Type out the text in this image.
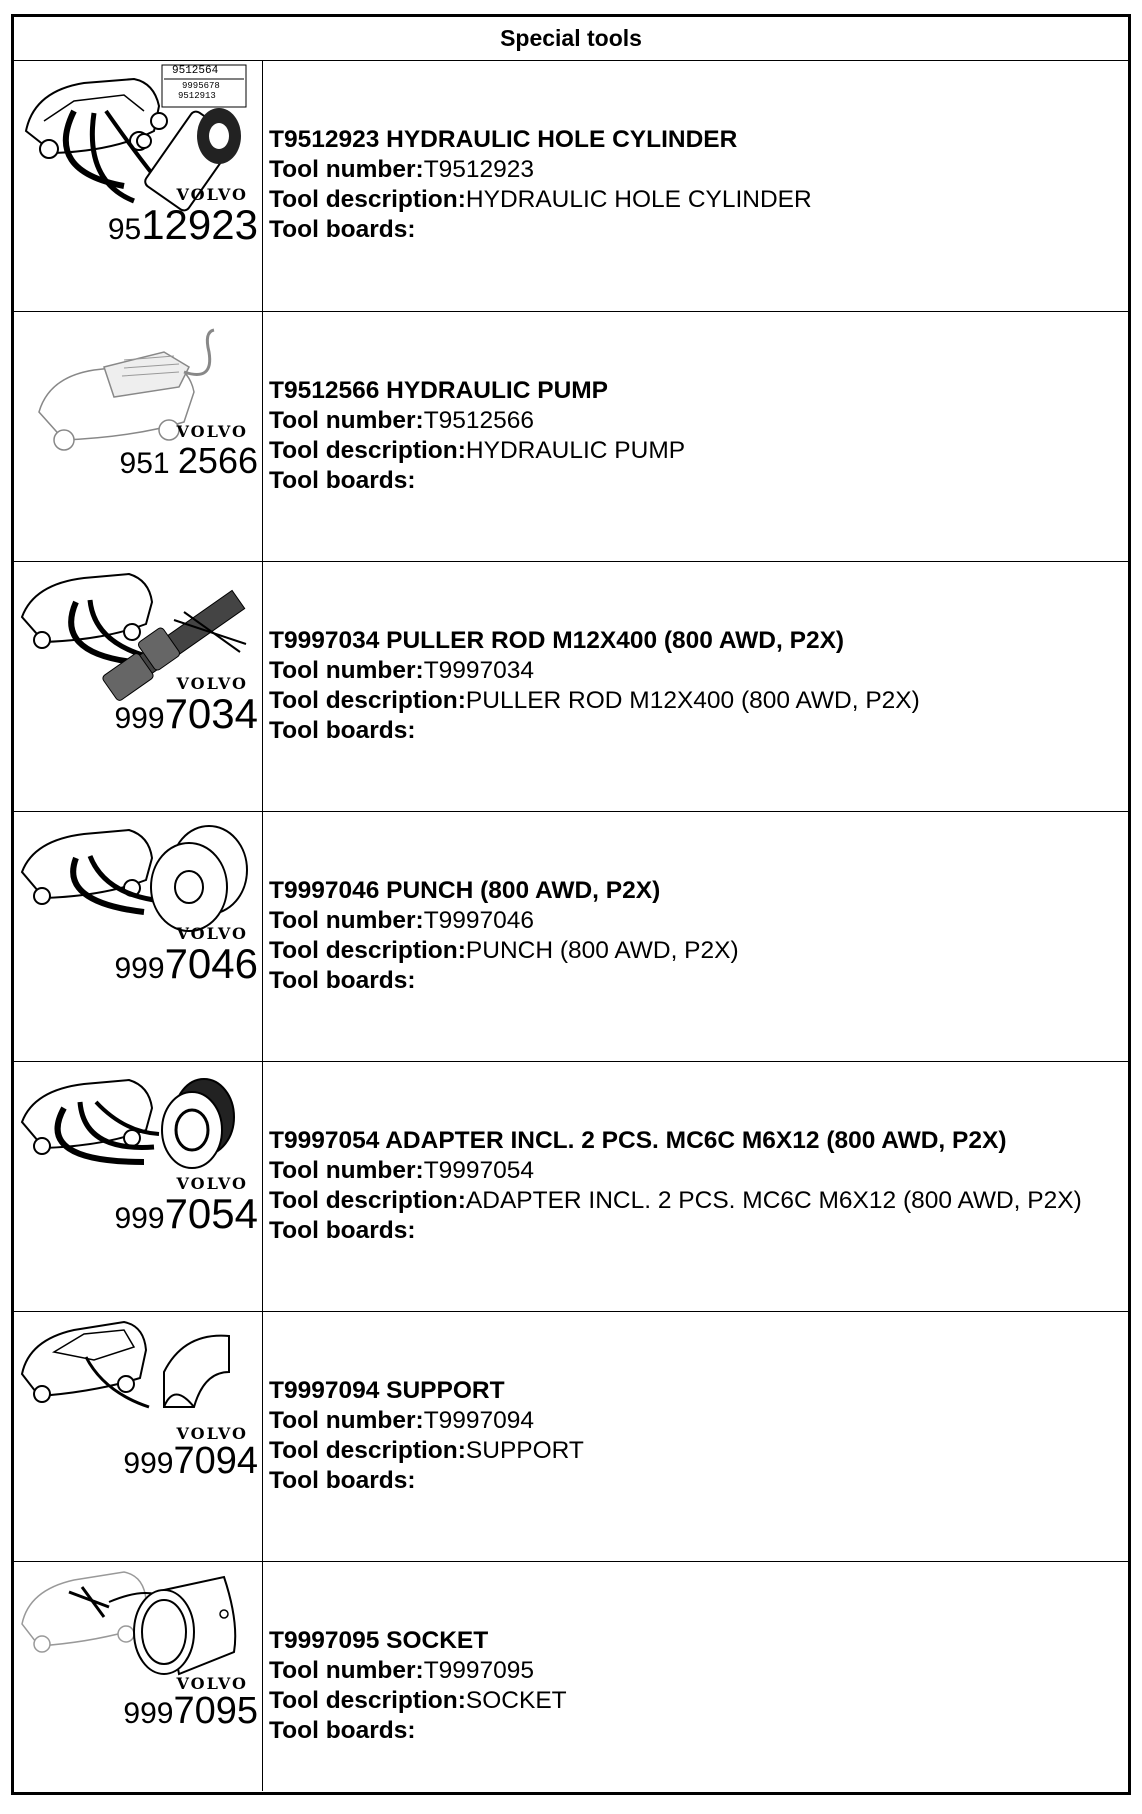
Special tools
9512564
9995678
9512913
VOLVO
9512923
T9512923 HYDRAULIC HOLE CYLINDER
Tool number:T9512923
Tool description:HYDRAULIC HOLE CYLINDER
Tool boards:
VOLVO
951 2566
T9512566 HYDRAULIC PUMP
Tool number:T9512566
Tool description:HYDRAULIC PUMP
Tool boards:
VOLVO
9997034
T9997034 PULLER ROD M12X400 (800 AWD, P2X)
Tool number:T9997034
Tool description:PULLER ROD M12X400 (800 AWD, P2X)
Tool boards:
VOLVO
9997046
T9997046 PUNCH (800 AWD, P2X)
Tool number:T9997046
Tool description:PUNCH (800 AWD, P2X)
Tool boards:
VOLVO
9997054
T9997054 ADAPTER INCL. 2 PCS. MC6C M6X12 (800 AWD, P2X)
Tool number:T9997054
Tool description:ADAPTER INCL. 2 PCS. MC6C M6X12 (800 AWD, P2X)
Tool boards:
VOLVO
9997094
T9997094 SUPPORT
Tool number:T9997094
Tool description:SUPPORT
Tool boards:
VOLVO
9997095
T9997095 SOCKET
Tool number:T9997095
Tool description:SOCKET
Tool boards:
